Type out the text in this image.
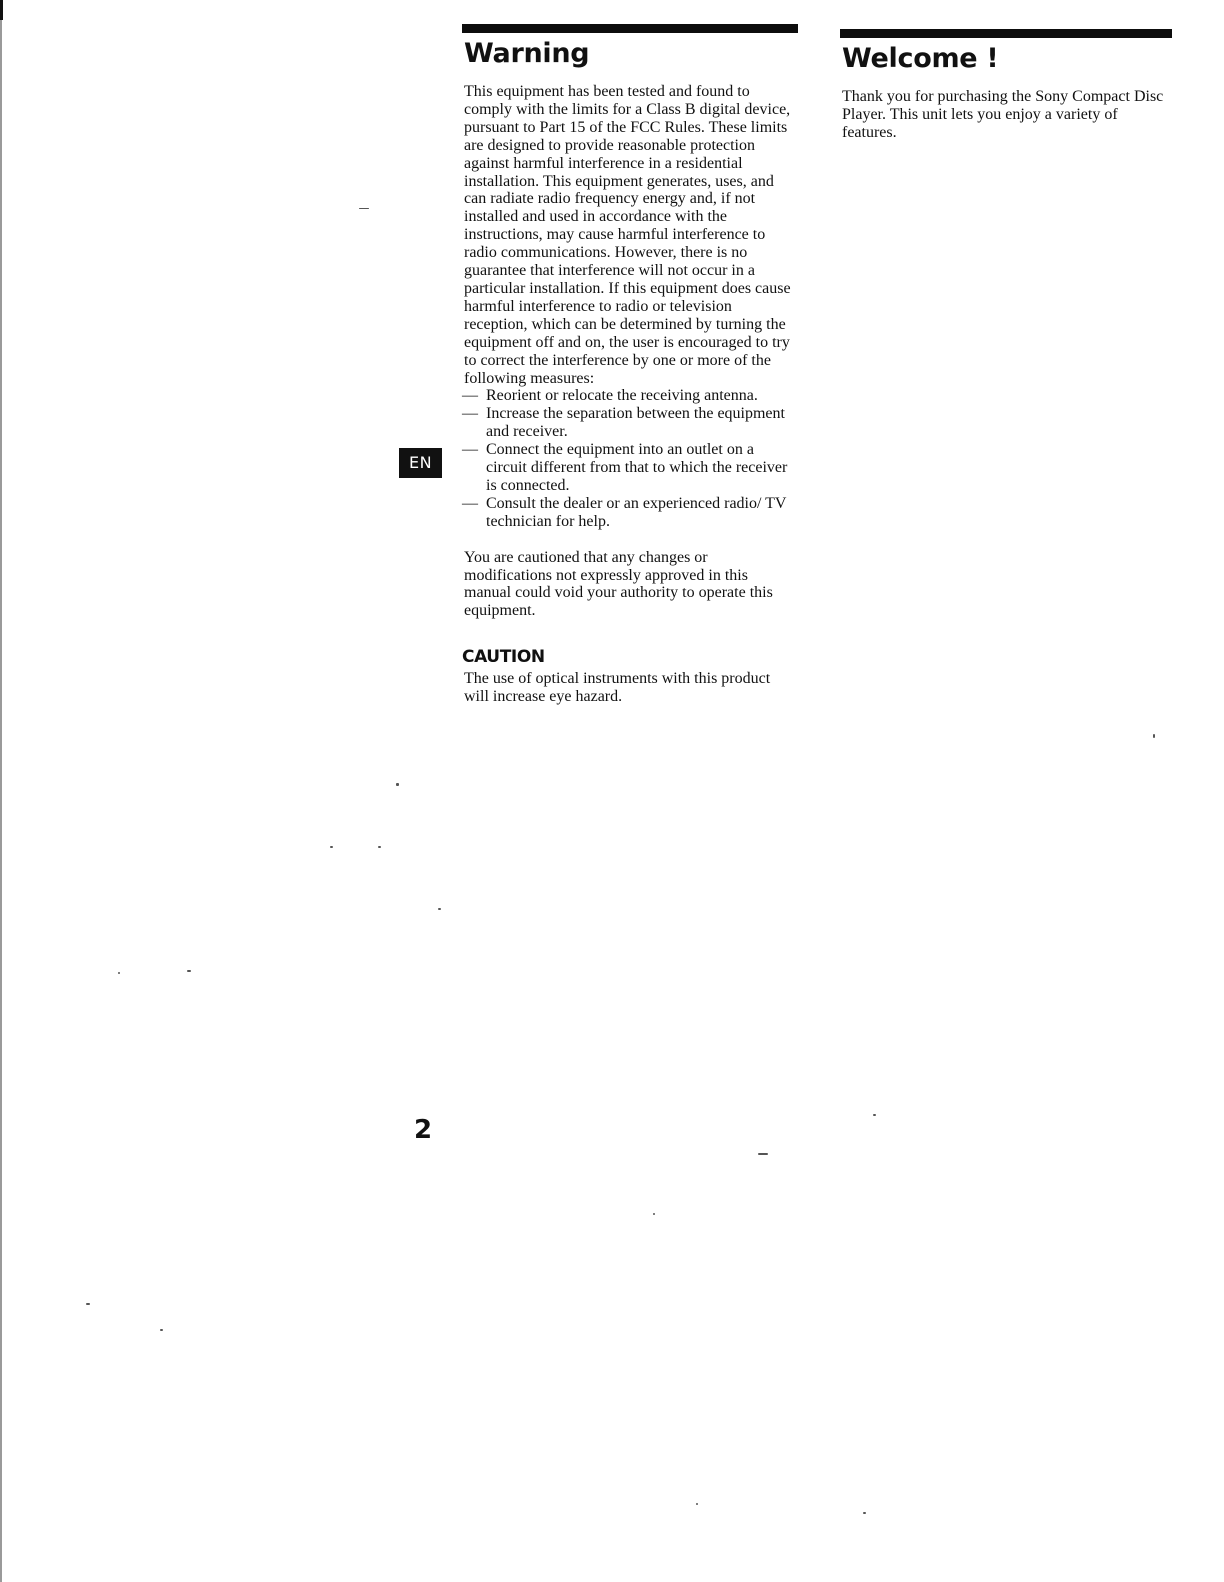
Warning

This equipment has been tested and found to comply with the limits for a Class B digital device, pursuant to Part 15 of the FCC Rules. These limits are designed to provide reasonable protection against harmful interference in a residential installation. This equipment generates, uses, and can radiate radio frequency energy and, if not installed and used in accordance with the instructions, may cause harmful interference to radio communications. However, there is no guarantee that interference will not occur in a particular installation. If this equipment does cause harmful interference to radio or television reception, which can be determined by turning the equipment off and on, the user is encouraged to try to correct the interference by one or more of the following measures:

— Reorient or relocate the receiving antenna.
— Increase the separation between the equipment and receiver.
— Connect the equipment into an outlet on a circuit different from that to which the receiver is connected.
— Consult the dealer or an experienced radio/ TV technician for help.

You are cautioned that any changes or modifications not expressly approved in this manual could void your authority to operate this equipment.

CAUTION

The use of optical instruments with this product will increase eye hazard.

Welcome !

Thank you for purchasing the Sony Compact Disc Player. This unit lets you enjoy a variety of features.

EN
2
